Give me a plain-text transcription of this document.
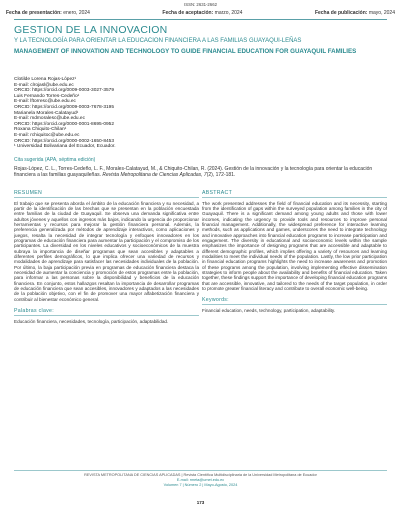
ISSN: 2631-2662
Fecha de presentación: enero, 2024	Fecha de aceptación: marzo, 2024	Fecha de publicación: mayo, 2024
GESTION DE LA INNOVACION
Y LA TECNOLOGÍA PARA ORIENTAR LA EDUCACION FINANCIERA A LAS FAMILIAS GUAYAQUI-LEÑAS
MANAGEMENT OF INNOVATION AND TECHNOLOGY TO GUIDE FINANCIAL EDUCATION FOR GUAYAQUIL FAMILIES
Clotilde Lorena Rojas-López¹
E-mail: clrojasl@ube.edu.ec
ORCID: https://orcid.org/0009-0003-3027-3579
Luis Fernando Torres-Cedeño¹
E-mail: lftorresc@ube.edu.ec
ORCID: https://orcid.org/0009-0003-7678-3195
Marianela Morales-Calatayud¹
E-mail: mdmoralesc@ube.edu.ec
ORCID: https://orcid.org/0000-0001-8695-0952
Roxana Chiquito-Chilan¹
E-mail: rchiquitoc@ube.edu.ec
ORCID: https://orcid.org/0000-0002-1650-8453
¹ Universidad Bolivariana del Ecuador, Ecuador.
Cita sugerida (APA, séptima edición)
Rojas-López, C. L., Torres-Cedeño, L. F., Morales-Calatayud, M., & Chiquito-Chilan, R. (2024). Gestión de la innovación y la tecnología para orientar la educación financiera a las familias guayaquileñas. Revista Metropolitana de Ciencias Aplicadas, 7(2), 172-181.
RESUMEN
El trabajo que se presenta aborda el ámbito de la educación financiera y su necesidad, a partir de la identificación de las brechas que se presentan en la población encuestada entre familias de la ciudad de Guayaquil. Se observa una demanda significativa entre adultos jóvenes y aquellos con ingresos más bajos, indicando la urgencia de proporcionar herramientas y recursos para mejorar la gestión financiera personal. Además, la preferencia generalizada por métodos de aprendizaje interactivos, como aplicaciones y juegos, resalta la necesidad de integrar tecnología y enfoques innovadores en los programas de educación financiera para aumentar la participación y el compromiso de los participantes. La diversidad en los niveles educativos y socioeconómicos de la muestra subraya la importancia de diseñar programas que sean accesibles y adaptables a diferentes perfiles demográficos, lo que implica ofrecer una variedad de recursos y modalidades de aprendizaje para satisfacer las necesidades individuales de la población. Por último, la baja participación previa en programas de educación financiera destaca la necesidad de aumentar la conciencia y promoción de estos programas entre la población, para informar a las personas sobre la disponibilidad y beneficios de la educación financiera. En conjunto, estos hallazgos resaltan la importancia de desarrollar programas de educación financiera que sean accesibles, innovadores y adaptados a las necesidades de la población objetivo, con el fin de promover una mayor alfabetización financiera y contribuir al bienestar económico general.
Palabras clave:
Educación financiera, necesidades, tecnología, participación, adaptabilidad.
ABSTRACT
The work presented addresses the field of financial education and its necessity, starting from the identification of gaps within the surveyed population among families in the city of Guayaquil. There is a significant demand among young adults and those with lower incomes, indicating the urgency to provide tools and resources to improve personal financial management. Additionally, the widespread preference for interactive learning methods, such as applications and games, underscores the need to integrate technology and innovative approaches into financial education programs to increase participation and engagement. The diversity in educational and socioeconomic levels within the sample emphasizes the importance of designing programs that are accessible and adaptable to different demographic profiles, which implies offering a variety of resources and learning modalities to meet the individual needs of the population. Lastly, the low prior participation in financial education programs highlights the need to increase awareness and promotion of these programs among the population, involving implementing effective dissemination strategies to inform people about the availability and benefits of financial education. Taken together, these findings support the importance of developing financial education programs that are accessible, innovative, and tailored to the needs of the target population, in order to promote greater financial literacy and contribute to overall economic well-being.
Keywords:
Financial education, needs, technology, participation, adaptability.
REVISTA METROPOLITANA DE CIENCIAS APLICADAS | Revista Científica Multidisciplinaria de la Universidad Metropolitana de Ecuador
E-mail: rmeta@umet.edu.ec
Volumen 7 | Número 2 | Mayo-Agosto, 2024
173
